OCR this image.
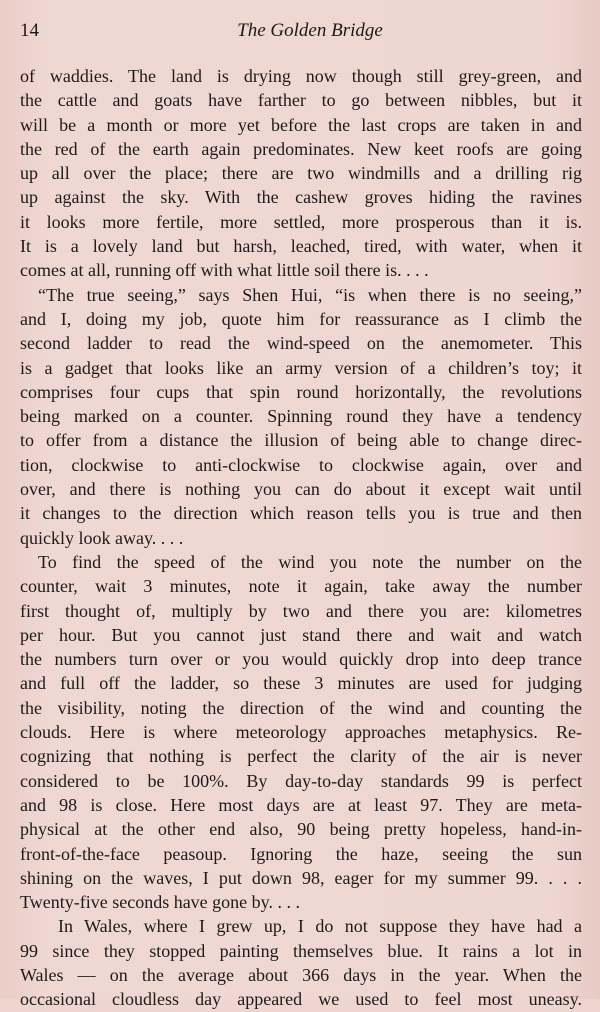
14	The Golden Bridge
of waddies. The land is drying now though still grey-green, and
the cattle and goats have farther to go between nibbles, but it
will be a month or more yet before the last crops are taken in and
the red of the earth again predominates. New keet roofs are going
up all over the place; there are two windmills and a drilling rig
up against the sky. With the cashew groves hiding the ravines
it looks more fertile, more settled, more prosperous than it is.
It is a lovely land but harsh, leached, tired, with water, when it
comes at all, running off with what little soil there is. . . .
“The true seeing,” says Shen Hui, “is when there is no seeing,”
and I, doing my job, quote him for reassurance as I climb the
second ladder to read the wind-speed on the anemometer. This
is a gadget that looks like an army version of a children’s toy; it
comprises four cups that spin round horizontally, the revolutions
being marked on a counter. Spinning round they have a tendency
to offer from a distance the illusion of being able to change direc-
tion, clockwise to anti-clockwise to clockwise again, over and
over, and there is nothing you can do about it except wait until
it changes to the direction which reason tells you is true and then
quickly look away. . . .
To find the speed of the wind you note the number on the
counter, wait 3 minutes, note it again, take away the number
first thought of, multiply by two and there you are: kilometres
per hour. But you cannot just stand there and wait and watch
the numbers turn over or you would quickly drop into deep trance
and full off the ladder, so these 3 minutes are used for judging
the visibility, noting the direction of the wind and counting the
clouds. Here is where meteorology approaches metaphysics. Re-
cognizing that nothing is perfect the clarity of the air is never
considered to be 100%. By day-to-day standards 99 is perfect
and 98 is close. Here most days are at least 97. They are meta-
physical at the other end also, 90 being pretty hopeless, hand-in-
front-of-the-face peasoup. Ignoring the haze, seeing the sun
shining on the waves, I put down 98, eager for my summer 99. . . .
Twenty-five seconds have gone by. . . .
In Wales, where I grew up, I do not suppose they have had a
99 since they stopped painting themselves blue. It rains a lot in
Wales — on the average about 366 days in the year. When the
occasional cloudless day appeared we used to feel most uneasy.
